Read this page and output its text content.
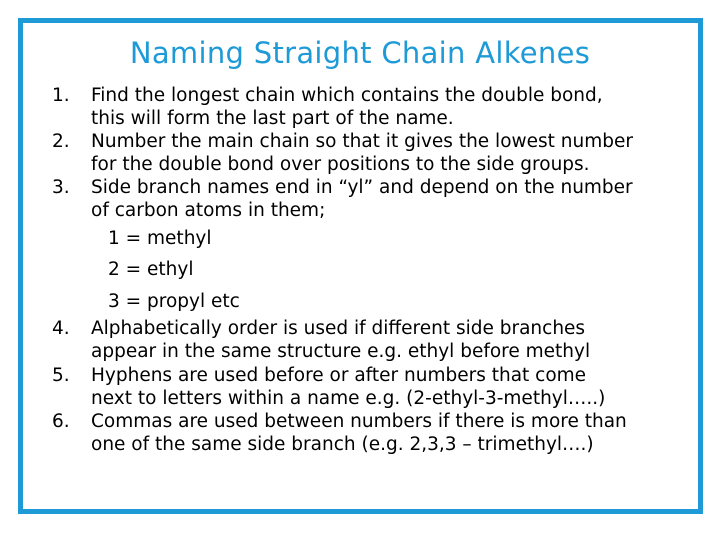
Naming Straight Chain Alkenes
1. Find the longest chain which contains the double bond,
this will form the last part of the name.
2. Number the main chain so that it gives the lowest number
for the double bond over positions to the side groups.
3. Side branch names end in “yl” and depend on the number
of carbon atoms in them;
1 = methyl
2 = ethyl
3 = propyl etc
4. Alphabetically order is used if different side branches
appear in the same structure e.g. ethyl before methyl
5. Hyphens are used before or after numbers that come
next to letters within a name e.g. (2-ethyl-3-methyl…..)
6. Commas are used between numbers if there is more than
one of the same side branch (e.g. 2,3,3 – trimethyl….)
